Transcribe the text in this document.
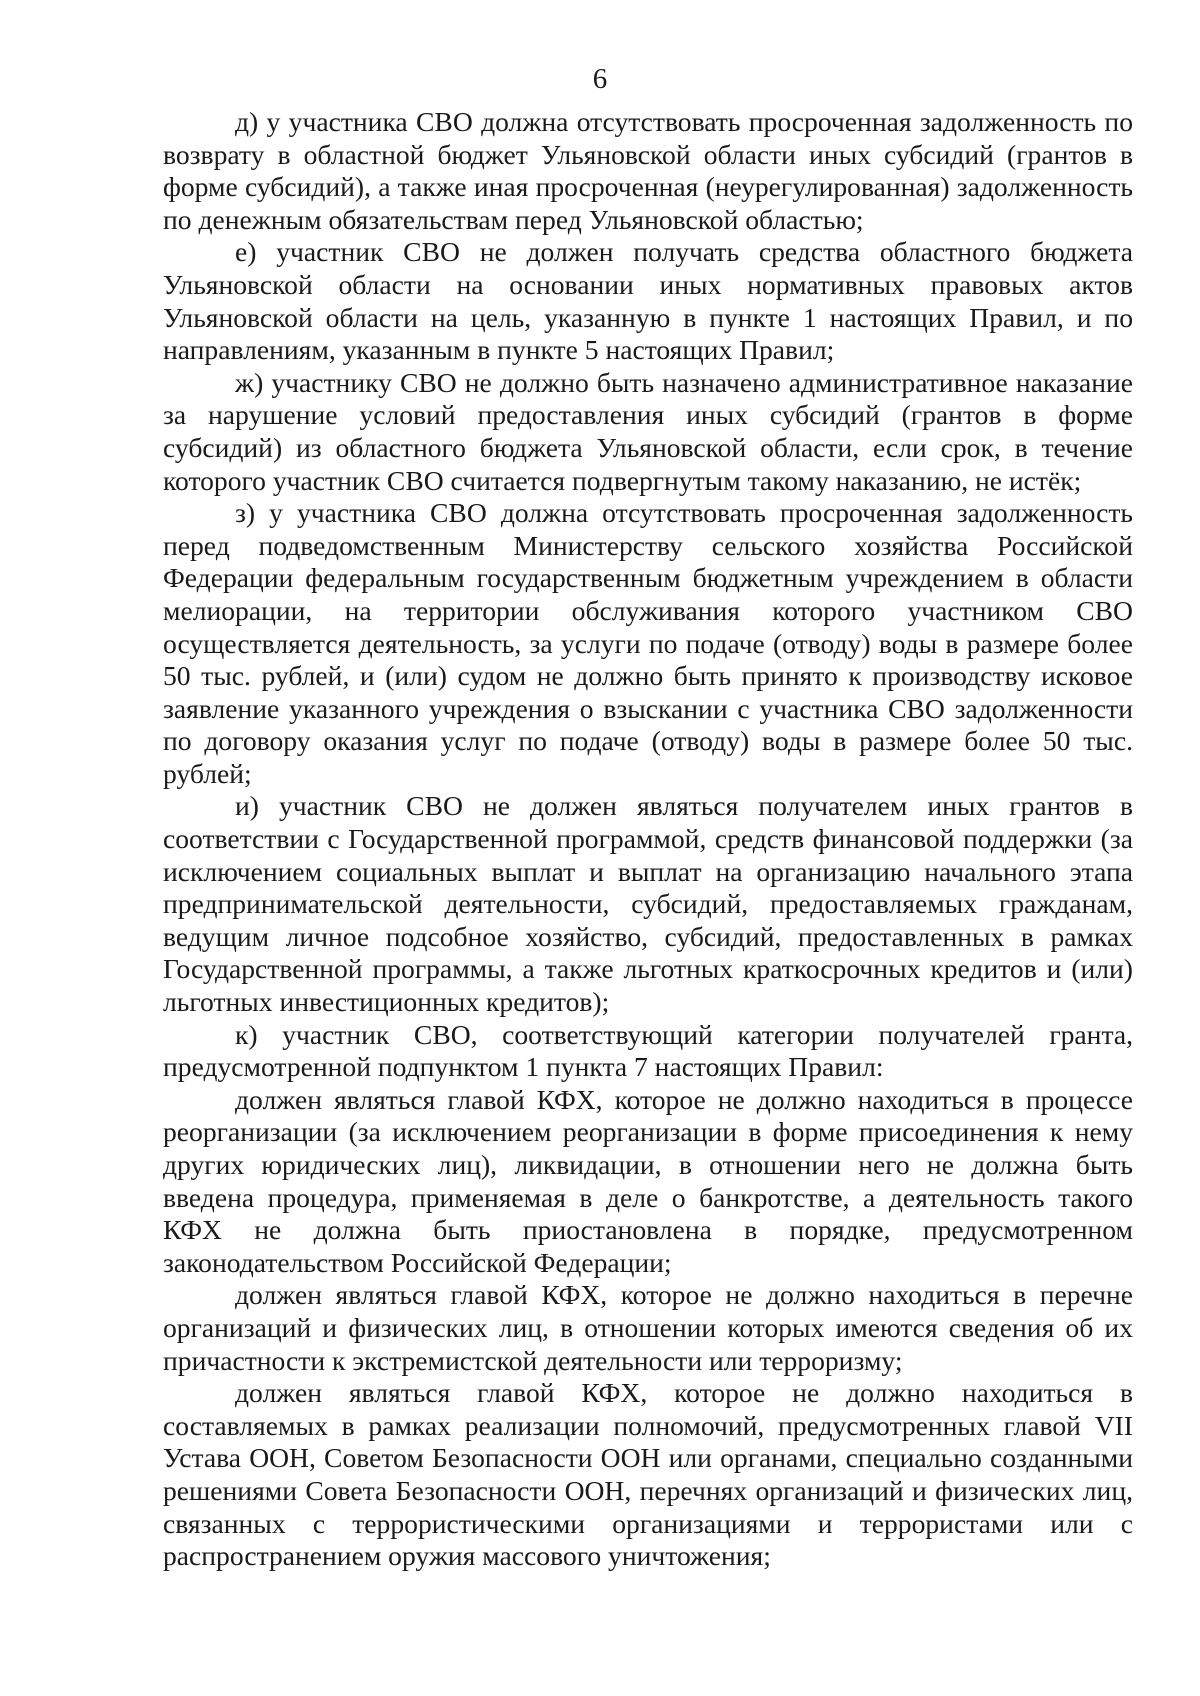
6

д) у участника СВО должна отсутствовать просроченная задолженность по возврату в областной бюджет Ульяновской области иных субсидий (грантов в форме субсидий), а также иная просроченная (неурегулированная) задолженность по денежным обязательствам перед Ульяновской областью;

е) участник СВО не должен получать средства областного бюджета Ульяновской области на основании иных нормативных правовых актов Ульяновской области на цель, указанную в пункте 1 настоящих Правил, и по направлениям, указанным в пункте 5 настоящих Правил;

ж) участнику СВО не должно быть назначено административное наказание за нарушение условий предоставления иных субсидий (грантов в форме субсидий) из областного бюджета Ульяновской области, если срок, в течение которого участник СВО считается подвергнутым такому наказанию, не истёк;

з) у участника СВО должна отсутствовать просроченная задолженность перед подведомственным Министерству сельского хозяйства Российской Федерации федеральным государственным бюджетным учреждением в области мелиорации, на территории обслуживания которого участником СВО осуществляется деятельность, за услуги по подаче (отводу) воды в размере более 50 тыс. рублей, и (или) судом не должно быть принято к производству исковое заявление указанного учреждения о взыскании с участника СВО задолженности по договору оказания услуг по подаче (отводу) воды в размере более 50 тыс. рублей;

и) участник СВО не должен являться получателем иных грантов в соответствии с Государственной программой, средств финансовой поддержки (за исключением социальных выплат и выплат на организацию начального этапа предпринимательской деятельности, субсидий, предоставляемых гражданам, ведущим личное подсобное хозяйство, субсидий, предоставленных в рамках Государственной программы, а также льготных краткосрочных кредитов и (или) льготных инвестиционных кредитов);

к) участник СВО, соответствующий категории получателей гранта, предусмотренной подпунктом 1 пункта 7 настоящих Правил:

должен являться главой КФХ, которое не должно находиться в процессе реорганизации (за исключением реорганизации в форме присоединения к нему других юридических лиц), ликвидации, в отношении него не должна быть введена процедура, применяемая в деле о банкротстве, а деятельность такого КФХ не должна быть приостановлена в порядке, предусмотренном законодательством Российской Федерации;

должен являться главой КФХ, которое не должно находиться в перечне организаций и физических лиц, в отношении которых имеются сведения об их причастности к экстремистской деятельности или терроризму;

должен являться главой КФХ, которое не должно находиться в составляемых в рамках реализации полномочий, предусмотренных главой VII Устава ООН, Советом Безопасности ООН или органами, специально созданными решениями Совета Безопасности ООН, перечнях организаций и физических лиц, связанных с террористическими организациями и террористами или с распространением оружия массового уничтожения;
